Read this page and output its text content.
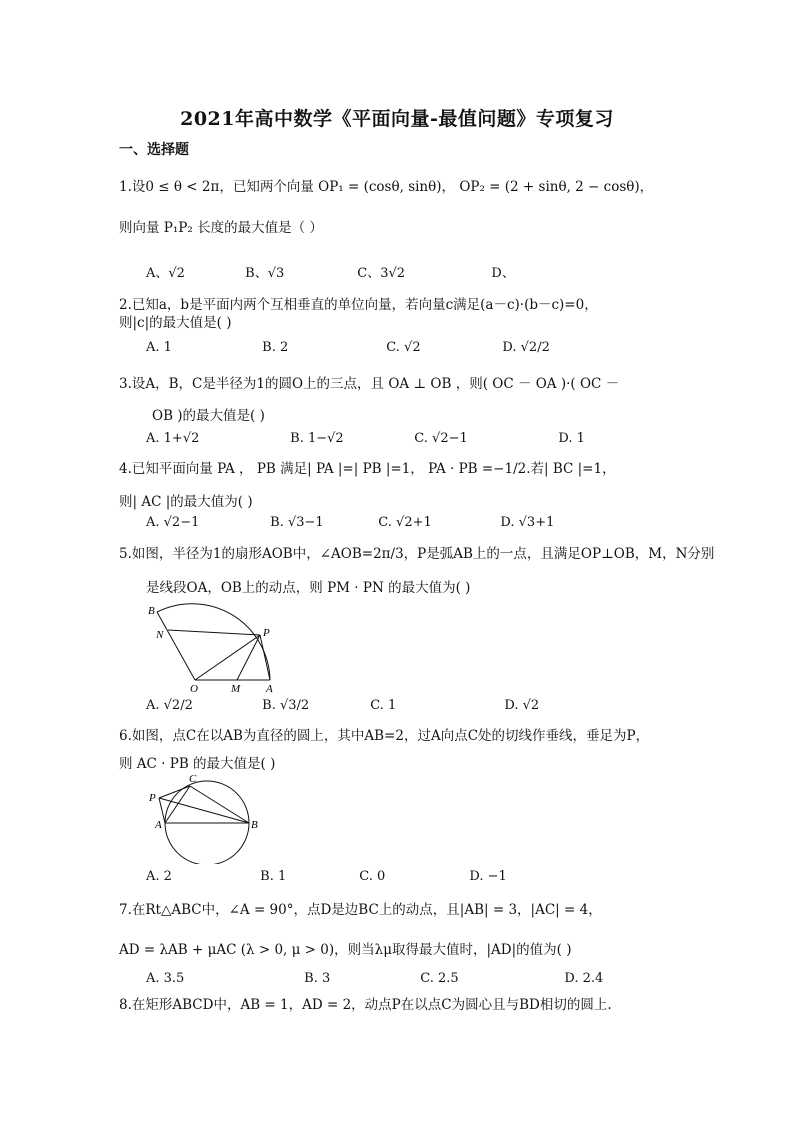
2021年高中数学《平面向量-最值问题》专项复习
一、选择题
1.设0 ≤ θ < 2π，已知两个向量 OP₁ = (cosθ, sinθ)， OP₂ = (2 + sinθ, 2 − cosθ)，
则向量 P₁P₂ 长度的最大值是（ ）
A、√2	B、√3	C、3√2	D、
2.已知a，b是平面内两个互相垂直的单位向量，若向量c满足(a－c)·(b－c)=0，
则|c|的最大值是( )
A. 1	B. 2	C. √2	D. √2/2
3.设A，B，C是半径为1的圆O上的三点，且 OA ⊥ OB ，则( OC － OA )·( OC －
OB )的最大值是( )
A. 1+√2	B. 1−√2	C. √2−1	D. 1
4.已知平面向量 PA ， PB 满足| PA |=| PB |=1， PA · PB =−1/2.若| BC |=1，
则| AC |的最大值为( )
A. √2−1	B. √3−1	C. √2+1	D. √3+1
5.如图，半径为1的扇形AOB中，∠AOB=2π/3，P是弧AB上的一点，且满足OP⊥OB，M，N分别
是线段OA，OB上的动点，则 PM · PN 的最大值为( )
B
N	P
O	M A
A. √2/2	B. √3/2	C. 1	D. √2
6.如图，点C在以AB为直径的圆上，其中AB=2，过A向点C处的切线作垂线，垂足为P，
则 AC · PB 的最大值是( )
C
P
A	B
A. 2	B. 1	C. 0	D. −1
7.在Rt△ABC中，∠A = 90°，点D是边BC上的动点，且|AB| = 3，|AC| = 4，
AD = λAB + μAC (λ > 0, μ > 0)，则当λμ取得最大值时，|AD|的值为( )
A. 3.5	B. 3	C. 2.5	D. 2.4
8.在矩形ABCD中，AB = 1，AD = 2，动点P在以点C为圆心且与BD相切的圆上.
